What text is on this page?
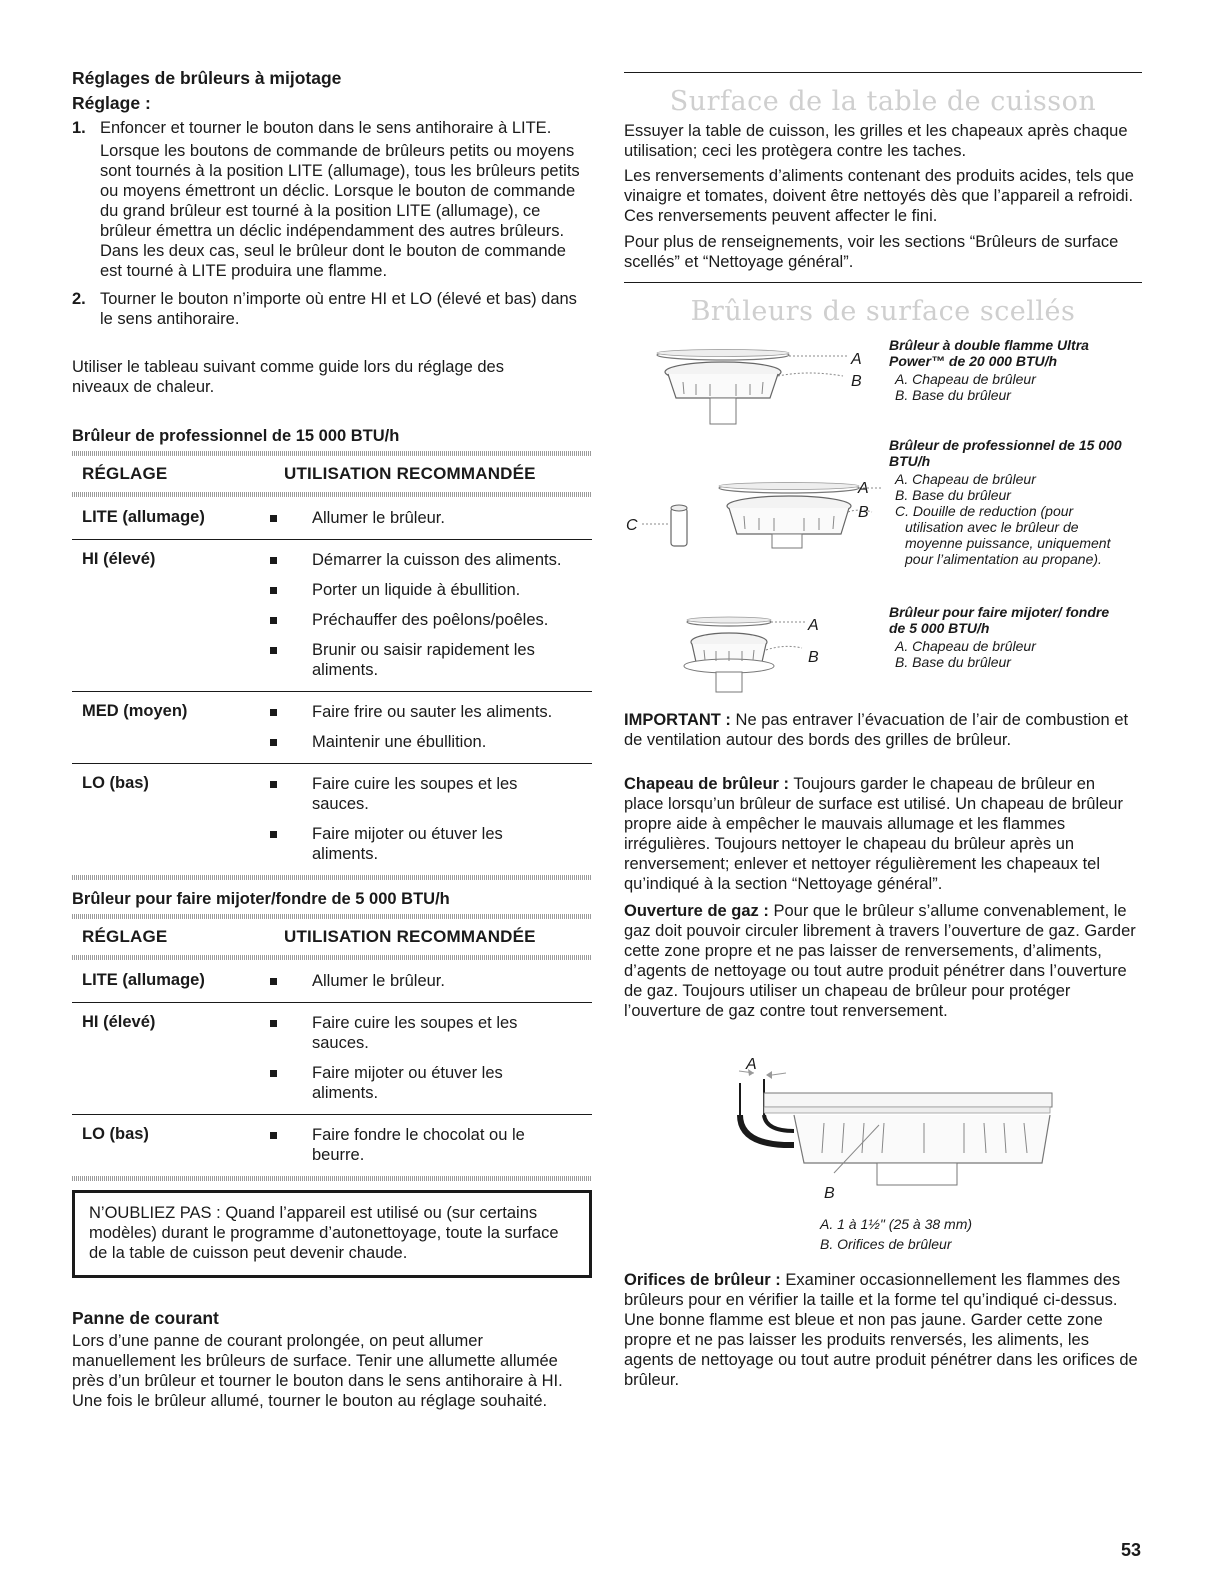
Réglages de brûleurs à mijotage
Réglage :
1. Enfoncer et tourner le bouton dans le sens antihoraire à LITE.

Lorsque les boutons de commande de brûleurs petits ou moyens sont tournés à la position LITE (allumage), tous les brûleurs petits ou moyens émettront un déclic. Lorsque le bouton de commande du grand brûleur est tourné à la position LITE (allumage), ce brûleur émettra un déclic indépendamment des autres brûleurs. Dans les deux cas, seul le brûleur dont le bouton de commande est tourné à LITE produira une flamme.

2. Tourner le bouton n’importe où entre HI et LO (élevé et bas) dans le sens antihoraire.

Utiliser le tableau suivant comme guide lors du réglage des niveaux de chaleur.

Brûleur de professionnel de 15 000 BTU/h
RÉGLAGE	UTILISATION RECOMMANDÉE
LITE (allumage)	Allumer le brûleur.

HI (élevé)	Démarrer la cuisson des aliments.
Porter un liquide à ébullition.
Préchauffer des poêlons/poêles.
Brunir ou saisir rapidement les aliments.

MED (moyen)	Faire frire ou sauter les aliments.
Maintenir une ébullition.

LO (bas)	Faire cuire les soupes et les sauces.
Faire mijoter ou étuver les aliments.
Brûleur pour faire mijoter/fondre de 5 000 BTU/h
RÉGLAGE	UTILISATION RECOMMANDÉE
LITE (allumage)	Allumer le brûleur.

HI (élevé)	Faire cuire les soupes et les sauces.
Faire mijoter ou étuver les aliments.

LO (bas)	Faire fondre le chocolat ou le beurre.
N’OUBLIEZ PAS : Quand l’appareil est utilisé ou (sur certains modèles) durant le programme d’autonettoyage, toute la surface de la table de cuisson peut devenir chaude.
Panne de courant

Lors d’une panne de courant prolongée, on peut allumer manuellement les brûleurs de surface. Tenir une allumette allumée près d’un brûleur et tourner le bouton dans le sens antihoraire à HI. Une fois le brûleur allumé, tourner le bouton au réglage souhaité.

Surface de la table de cuisson

Essuyer la table de cuisson, les grilles et les chapeaux après chaque utilisation; ceci les protègera contre les taches.

Les renversements d’aliments contenant des produits acides, tels que vinaigre et tomates, doivent être nettoyés dès que l’appareil a refroidi. Ces renversements peuvent affecter le fini.

Pour plus de renseignements, voir les sections “Brûleurs de surface scellés” et “Nettoyage général”.

Brûleurs de surface scellés
A
B
C
A
B
A
B
Brûleur à double flamme Ultra Power™ de 20 000 BTU/h
A. Chapeau de brûleur
B. Base du brûleur
Brûleur de professionnel de 15 000 BTU/h
A. Chapeau de brûleur
B. Base du brûleur
C. Douille de reduction (pour utilisation avec le brûleur de moyenne puissance, uniquement pour l’alimentation au propane).
Brûleur pour faire mijoter/ fondre de 5 000 BTU/h
A. Chapeau de brûleur
B. Base du brûleur

IMPORTANT : Ne pas entraver l’évacuation de l’air de combustion et de ventilation autour des bords des grilles de brûleur.

Chapeau de brûleur : Toujours garder le chapeau de brûleur en place lorsqu’un brûleur de surface est utilisé. Un chapeau de brûleur propre aide à empêcher le mauvais allumage et les flammes irrégulières. Toujours nettoyer le chapeau du brûleur après un renversement; enlever et nettoyer régulièrement les chapeaux tel qu’indiqué à la section “Nettoyage général”.

Ouverture de gaz : Pour que le brûleur s’allume convenablement, le gaz doit pouvoir circuler librement à travers l’ouverture de gaz. Garder cette zone propre et ne pas laisser de renversements, d’aliments, d’agents de nettoyage ou tout autre produit pénétrer dans l’ouverture de gaz. Toujours utiliser un chapeau de brûleur pour protéger l’ouverture de gaz contre tout renversement.

A
B
A. 1 à 1½" (25 à 38 mm)
B. Orifices de brûleur

Orifices de brûleur : Examiner occasionnellement les flammes des brûleurs pour en vérifier la taille et la forme tel qu’indiqué ci-dessus. Une bonne flamme est bleue et non pas jaune. Garder cette zone propre et ne pas laisser les produits renversés, les aliments, les agents de nettoyage ou tout autre produit pénétrer dans les orifices de brûleur.

53
